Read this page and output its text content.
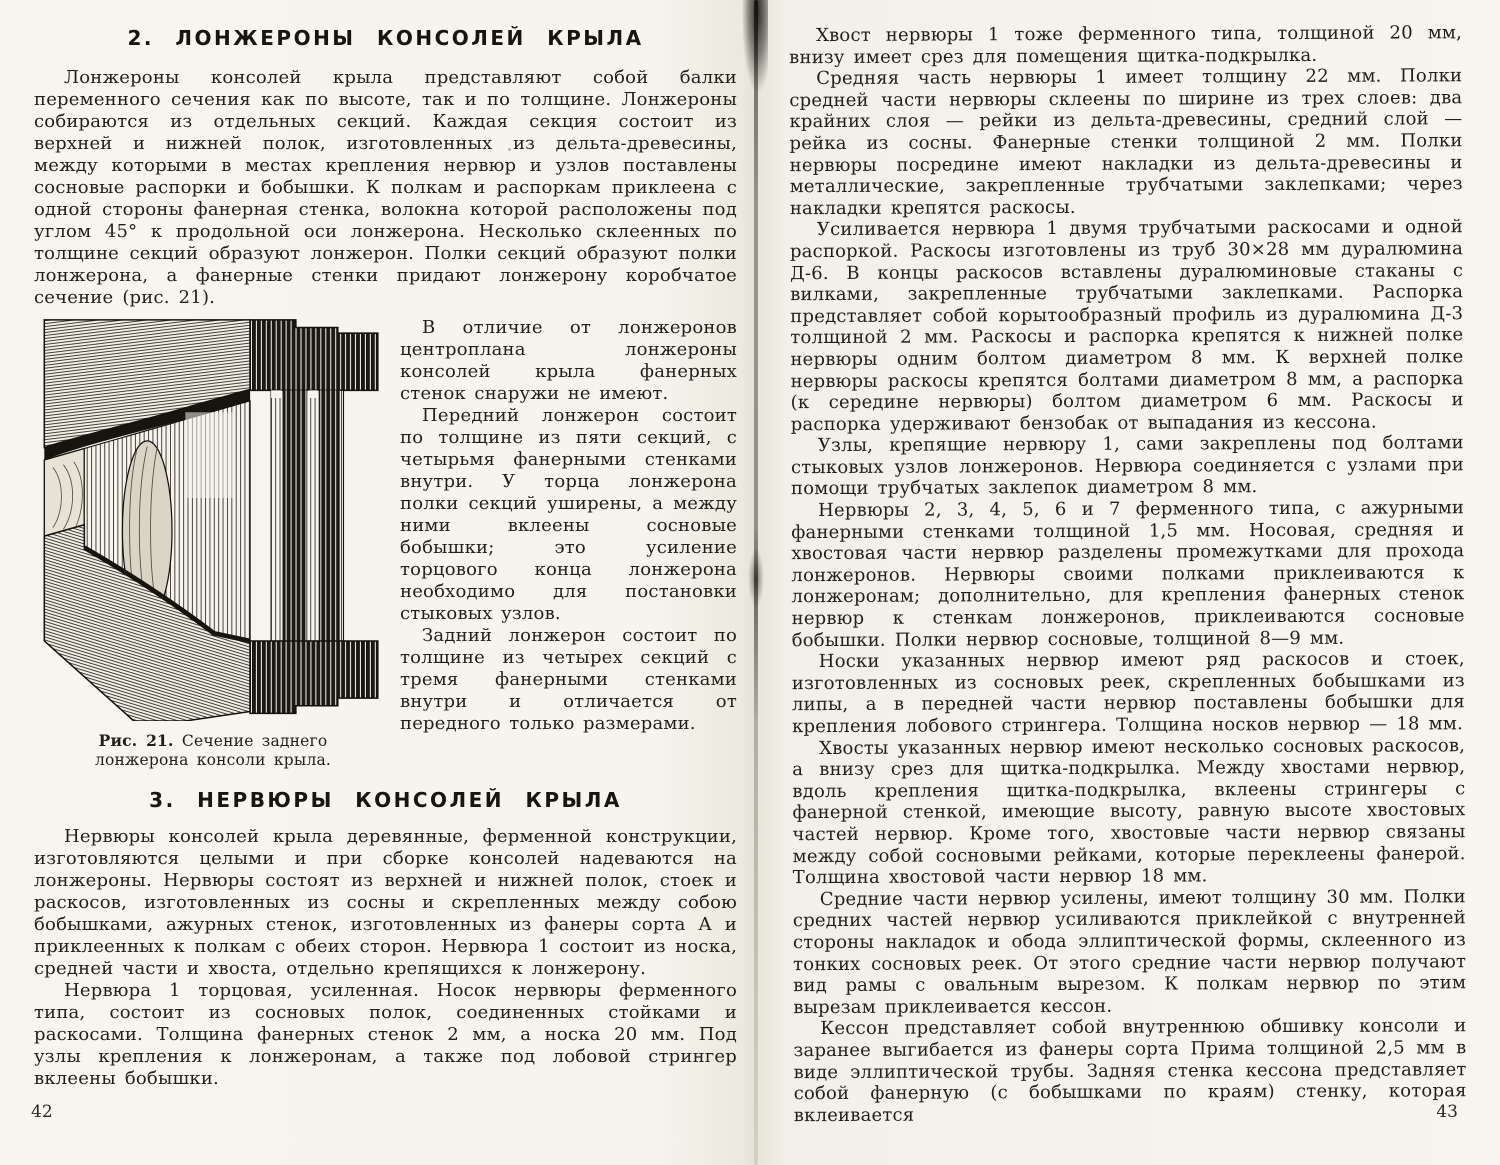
2. ЛОНЖЕРОНЫ КОНСОЛЕЙ КРЫЛА

Лонжероны консолей крыла представляют собой балки переменного сечения как по высоте, так и по толщине. Лонжероны собираются из отдельных секций. Каждая секция состоит из верхней и нижней полок, изготовленных из дельта-древесины, между которыми в местах крепления нервюр и узлов поставлены сосновые распорки и бобышки. К полкам и распоркам приклеена с одной стороны фанерная стенка, волокна которой расположены под углом 45° к продольной оси лонжерона. Несколько склеенных по толщине секций образуют лонжерон. Полки секций образуют полки лонжерона, а фанерные стенки придают лонжерону коробчатое сечение (рис. 21).

Рис. 21. Сечение заднего лонжерона консоли крыла.

В отличие от лонжеронов центроплана лонжероны консолей крыла фанерных стенок снаружи не имеют.

Передний лонжерон состоит по толщине из пяти секций, с четырьмя фанерными стенками внутри. У торца лонжерона полки секций уширены, а между ними вклеены сосновые бобышки; это усиление торцового конца лонжерона необходимо для постановки стыковых узлов.

Задний лонжерон состоит по толщине из четырех секций с тремя фанерными стенками внутри и отличается от передного только размерами.

3. НЕРВЮРЫ КОНСОЛЕЙ КРЫЛА

Нервюры консолей крыла деревянные, ферменной конструкции, изготовляются целыми и при сборке консолей надеваются на лонжероны. Нервюры состоят из верхней и нижней полок, стоек и раскосов, изготовленных из сосны и скрепленных между собою бобышками, ажурных стенок, изготовленных из фанеры сорта А и приклеенных к полкам с обеих сторон. Нервюра 1 состоит из носка, средней части и хвоста, отдельно крепящихся к лонжерону.

Нервюра 1 торцовая, усиленная. Носок нервюры ферменного типа, состоит из сосновых полок, соединенных стойками и раскосами. Толщина фанерных стенок 2 мм, а носка 20 мм. Под узлы крепления к лонжеронам, а также под лобовой стрингер вклеены бобышки.

42

Хвост нервюры 1 тоже ферменного типа, толщиной 20 мм, внизу имеет срез для помещения щитка-подкрылка.

Средняя часть нервюры 1 имеет толщину 22 мм. Полки средней части нервюры склеены по ширине из трех слоев: два крайних слоя — рейки из дельта-древесины, средний слой — рейка из сосны. Фанерные стенки толщиной 2 мм. Полки нервюры посредине имеют накладки из дельта-древесины и металлические, закрепленные трубчатыми заклепками; через накладки крепятся раскосы.

Усиливается нервюра 1 двумя трубчатыми раскосами и одной распоркой. Раскосы изготовлены из труб 30×28 мм дуралюмина Д-6. В концы раскосов вставлены дуралюминовые стаканы с вилками, закрепленные трубчатыми заклепками. Распорка представляет собой корытообразный профиль из дуралюмина Д-3 толщиной 2 мм. Раскосы и распорка крепятся к нижней полке нервюры одним болтом диаметром 8 мм. К верхней полке нервюры раскосы крепятся болтами диаметром 8 мм, а распорка (к середине нервюры) болтом диаметром 6 мм. Раскосы и распорка удерживают бензобак от выпадания из кессона.

Узлы, крепящие нервюру 1, сами закреплены под болтами стыковых узлов лонжеронов. Нервюра соединяется с узлами при помощи трубчатых заклепок диаметром 8 мм.

Нервюры 2, 3, 4, 5, 6 и 7 ферменного типа, с ажурными фанерными стенками толщиной 1,5 мм. Носовая, средняя и хвостовая части нервюр разделены промежутками для прохода лонжеронов. Нервюры своими полками приклеиваются к лонжеронам; дополнительно, для крепления фанерных стенок нервюр к стенкам лонжеронов, приклеиваются сосновые бобышки. Полки нервюр сосновые, толщиной 8—9 мм.

Носки указанных нервюр имеют ряд раскосов и стоек, изготовленных из сосновых реек, скрепленных бобышками из липы, а в передней части нервюр поставлены бобышки для крепления лобового стрингера. Толщина носков нервюр — 18 мм.

Хвосты указанных нервюр имеют несколько сосновых раскосов, а внизу срез для щитка-подкрылка. Между хвостами нервюр, вдоль крепления щитка-подкрылка, вклеены стрингеры с фанерной стенкой, имеющие высоту, равную высоте хвостовых частей нервюр. Кроме того, хвостовые части нервюр связаны между собой сосновыми рейками, которые переклеены фанерой. Толщина хвостовой части нервюр 18 мм.

Средние части нервюр усилены, имеют толщину 30 мм. Полки средних частей нервюр усиливаются приклейкой с внутренней стороны накладок и обода эллиптической формы, склеенного из тонких сосновых реек. От этого средние части нервюр получают вид рамы с овальным вырезом. К полкам нервюр по этим вырезам приклеивается кессон.

Кессон представляет собой внутреннюю обшивку консоли и заранее выгибается из фанеры сорта Прима толщиной 2,5 мм в виде эллиптической трубы. Задняя стенка кессона представляет собой фанерную (с бобышками по краям) стенку, которая вклеивается	43
